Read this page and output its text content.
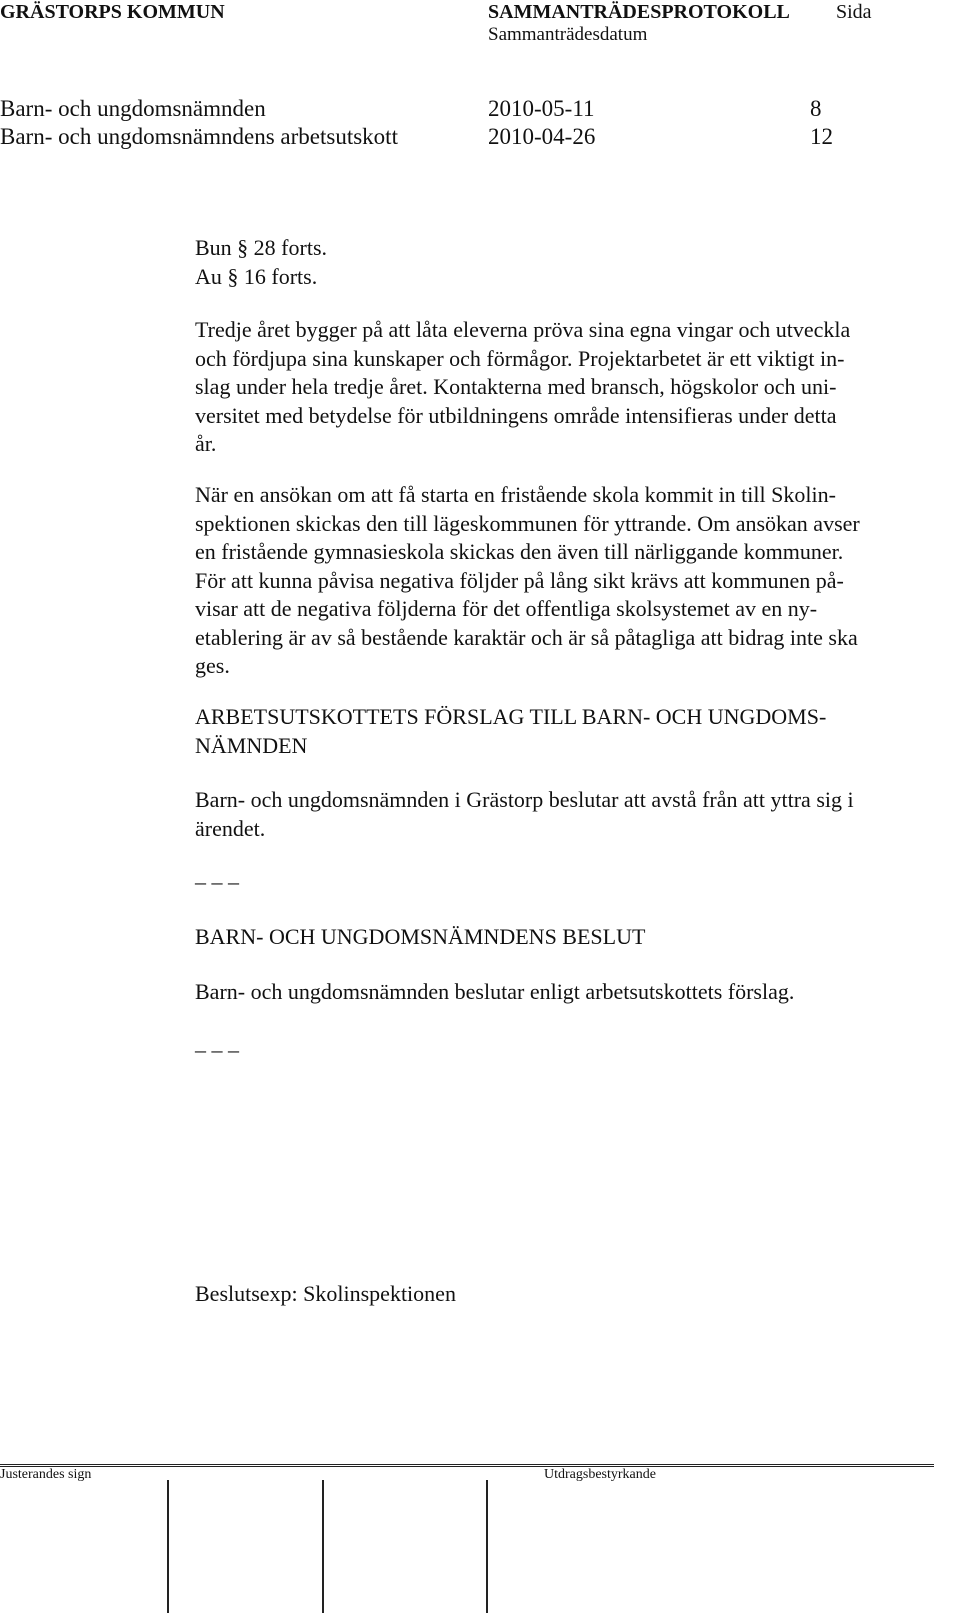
GRÄSTORPS KOMMUN	SAMMANTRÄDESPROTOKOLL Sida
Sammanträdesdatum
Barn- och ungdomsnämnden	2010-05-11	8
Barn- och ungdomsnämndens arbetsutskott	2010-04-26	12
Bun § 28 forts.
Au § 16 forts.
Tredje året bygger på att låta eleverna pröva sina egna vingar och utveckla
och fördjupa sina kunskaper och förmågor. Projektarbetet är ett viktigt in-
slag under hela tredje året. Kontakterna med bransch, högskolor och uni-
versitet med betydelse för utbildningens område intensifieras under detta
år.
När en ansökan om att få starta en fristående skola kommit in till Skolin-
spektionen skickas den till lägeskommunen för yttrande. Om ansökan avser
en fristående gymnasieskola skickas den även till närliggande kommuner.
För att kunna påvisa negativa följder på lång sikt krävs att kommunen på-
visar att de negativa följderna för det offentliga skolsystemet av en ny-
etablering är av så bestående karaktär och är så påtagliga att bidrag inte ska
ges.
ARBETSUTSKOTTETS FÖRSLAG TILL BARN- OCH UNGDOMS-
NÄMNDEN
Barn- och ungdomsnämnden i Grästorp beslutar att avstå från att yttra sig i
ärendet.
– – –
BARN- OCH UNGDOMSNÄMNDENS BESLUT
Barn- och ungdomsnämnden beslutar enligt arbetsutskottets förslag.
– – –
Beslutsexp: Skolinspektionen
Justerandes sign	Utdragsbestyrkande
